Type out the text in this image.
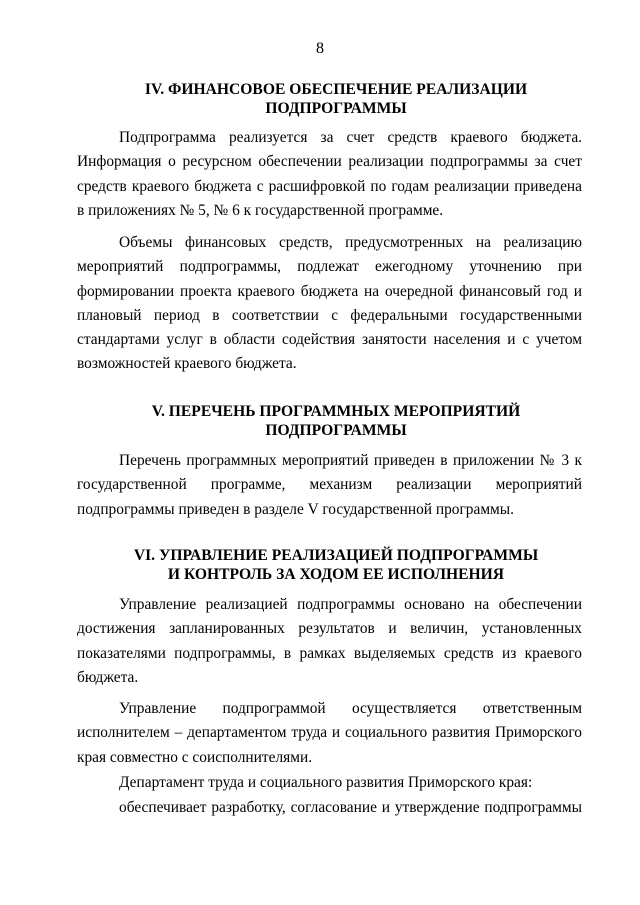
8
IV. ФИНАНСОВОЕ ОБЕСПЕЧЕНИЕ РЕАЛИЗАЦИИ
ПОДПРОГРАММЫ

Подпрограмма реализуется за счет средств краевого бюджета. Информация о ресурсном обеспечении реализации подпрограммы за счет средств краевого бюджета с расшифровкой по годам реализации приведена в приложениях № 5, № 6 к государственной программе.

Объемы финансовых средств, предусмотренных на реализацию мероприятий подпрограммы, подлежат ежегодному уточнению при формировании проекта краевого бюджета на очередной финансовый год и плановый период в соответствии с федеральными государственными стандартами услуг в области содействия занятости населения и с учетом возможностей краевого бюджета.

V. ПЕРЕЧЕНЬ ПРОГРАММНЫХ МЕРОПРИЯТИЙ
ПОДПРОГРАММЫ

Перечень программных мероприятий приведен в приложении № 3 к государственной программе, механизм реализации мероприятий подпрограммы приведен в разделе V государственной программы.

VI. УПРАВЛЕНИЕ РЕАЛИЗАЦИЕЙ ПОДПРОГРАММЫ
И КОНТРОЛЬ ЗА ХОДОМ ЕЕ ИСПОЛНЕНИЯ

Управление реализацией подпрограммы основано на обеспечении достижения запланированных результатов и величин, установленных показателями подпрограммы, в рамках выделяемых средств из краевого бюджета.

Управление подпрограммой осуществляется ответственным исполнителем – департаментом труда и социального развития Приморского края совместно с соисполнителями.

Департамент труда и социального развития Приморского края:

обеспечивает разработку, согласование и утверждение подпрограммы
